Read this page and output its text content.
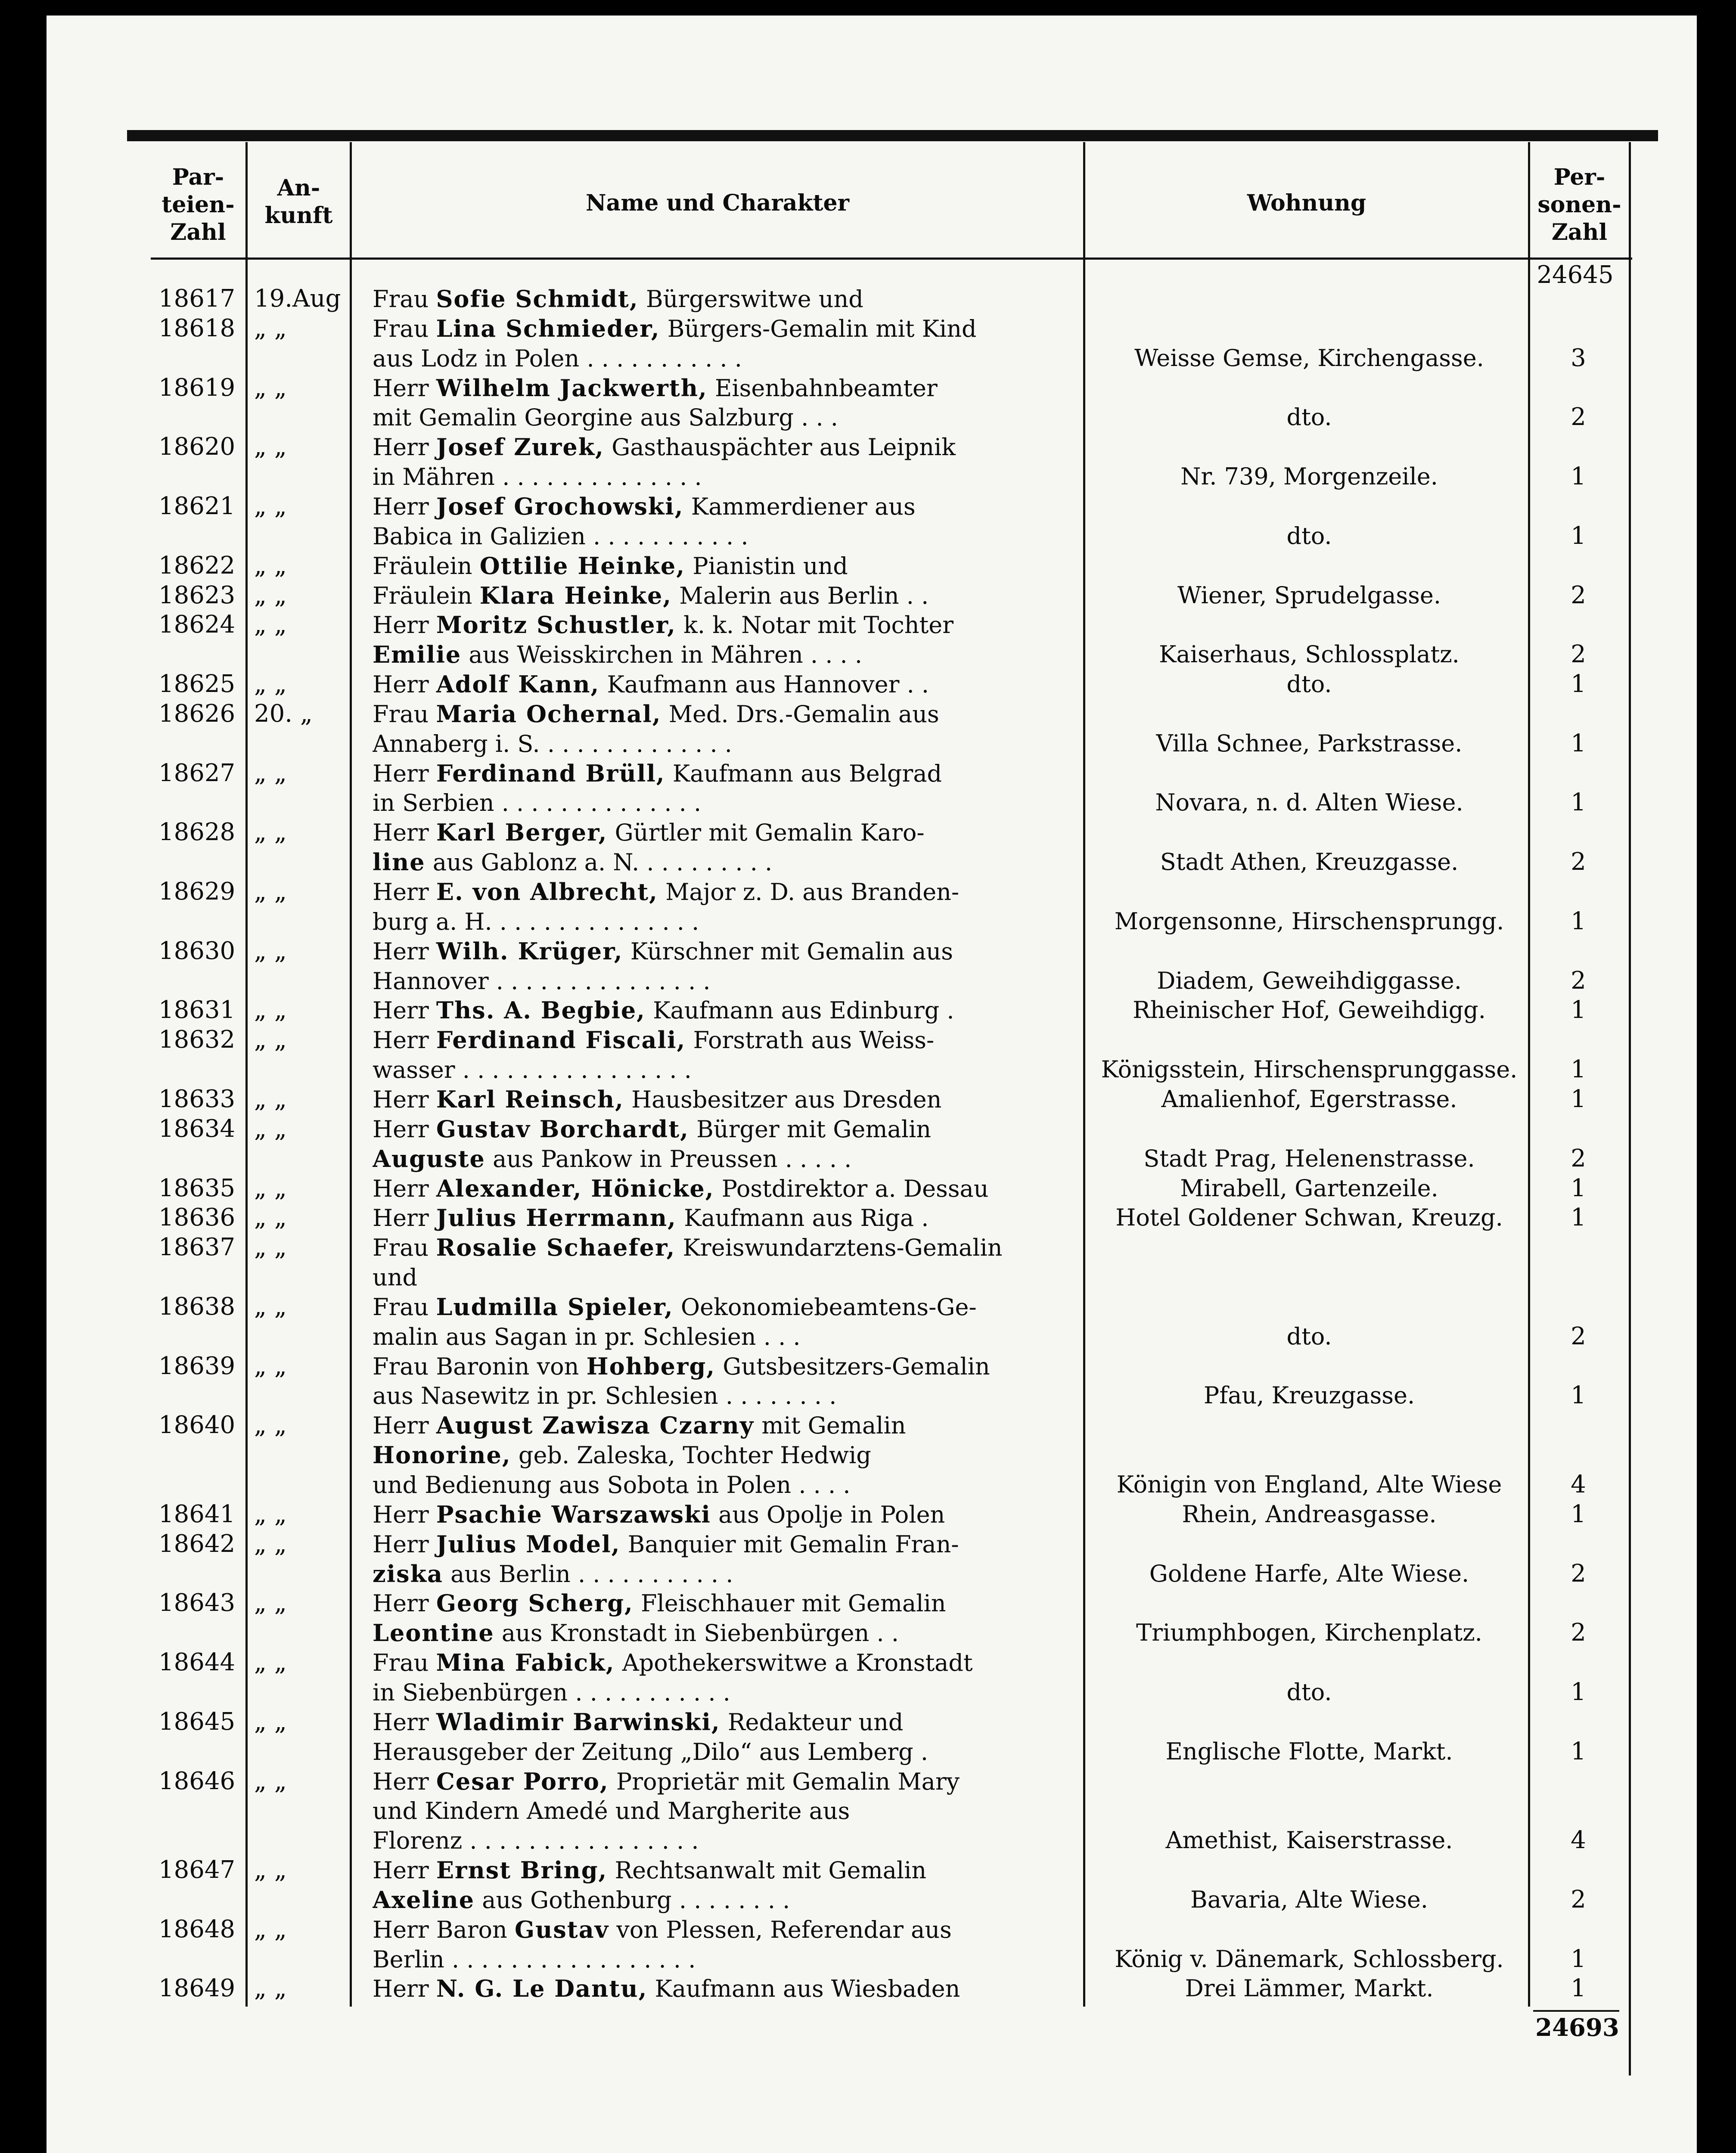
Par-
teien-
Zahl
An-
kunft	Name und Charakter	Wohnung
Per-
sonen-
Zahl
24645
18617 19.Aug Frau Sofie Schmidt, Bürgerswitwe und
18618 „ „	Frau Lina Schmieder, Bürgers-Gemalin mit Kind
aus Lodz in Polen . . . . . . . . . . .	Weisse Gemse, Kirchengasse.	3
18619 „ „	Herr Wilhelm Jackwerth, Eisenbahnbeamter
mit Gemalin Georgine aus Salzburg . . .	dto.	2
18620 „ „	Herr Josef Zurek, Gasthauspächter aus Leipnik
in Mähren . . . . . . . . . . . . . .	Nr. 739, Morgenzeile.	1
18621 „ „	Herr Josef Grochowski, Kammerdiener aus
Babica in Galizien . . . . . . . . . . .	dto.	1
18622 „ „	Fräulein Ottilie Heinke, Pianistin und
18623 „ „	Fräulein Klara Heinke, Malerin aus Berlin . .	Wiener, Sprudelgasse.	2
18624 „ „	Herr Moritz Schustler, k. k. Notar mit Tochter
Emilie aus Weisskirchen in Mähren . . . .	Kaiserhaus, Schlossplatz.	2
18625 „ „	Herr Adolf Kann, Kaufmann aus Hannover . .	dto.	1
18626 20. „	Frau Maria Ochernal, Med. Drs.-Gemalin aus
Annaberg i. S. . . . . . . . . . . . . .	Villa Schnee, Parkstrasse.	1
18627 „ „	Herr Ferdinand Brüll, Kaufmann aus Belgrad
in Serbien . . . . . . . . . . . . . .	Novara, n. d. Alten Wiese.	1
18628 „ „	Herr Karl Berger, Gürtler mit Gemalin Karo-
line aus Gablonz a. N. . . . . . . . . .	Stadt Athen, Kreuzgasse.	2
18629 „ „	Herr E. von Albrecht, Major z. D. aus Branden-
burg a. H. . . . . . . . . . . . . . .	Morgensonne, Hirschensprungg.	1
18630 „ „	Herr Wilh. Krüger, Kürschner mit Gemalin aus
Hannover . . . . . . . . . . . . . . .	Diadem, Geweihdiggasse.	2
18631 „ „	Herr Ths. A. Begbie, Kaufmann aus Edinburg .	Rheinischer Hof, Geweihdigg.	1
18632 „ „	Herr Ferdinand Fiscali, Forstrath aus Weiss-
wasser . . . . . . . . . . . . . . . .	Königsstein, Hirschensprunggasse.	1
18633 „ „	Herr Karl Reinsch, Hausbesitzer aus Dresden	Amalienhof, Egerstrasse.	1
18634 „ „	Herr Gustav Borchardt, Bürger mit Gemalin
Auguste aus Pankow in Preussen . . . . .	Stadt Prag, Helenenstrasse.	2
18635 „ „	Herr Alexander, Hönicke, Postdirektor a. Dessau	Mirabell, Gartenzeile.	1
18636 „ „	Herr Julius Herrmann, Kaufmann aus Riga .	Hotel Goldener Schwan, Kreuzg.	1
18637 „ „	Frau Rosalie Schaefer, Kreiswundarztens-Gemalin
und
18638 „ „	Frau Ludmilla Spieler, Oekonomiebeamtens-Ge-
malin aus Sagan in pr. Schlesien . . .	dto.	2
18639 „ „	Frau Baronin von Hohberg, Gutsbesitzers-Gemalin
aus Nasewitz in pr. Schlesien . . . . . . . .	Pfau, Kreuzgasse.	1
18640 „ „	Herr August Zawisza Czarny mit Gemalin
Honorine, geb. Zaleska, Tochter Hedwig
und Bedienung aus Sobota in Polen . . . .	Königin von England, Alte Wiese	4
18641 „ „	Herr Psachie Warszawski aus Opolje in Polen	Rhein, Andreasgasse.	1
18642 „ „	Herr Julius Model, Banquier mit Gemalin Fran-
ziska aus Berlin . . . . . . . . . . .	Goldene Harfe, Alte Wiese.	2
18643 „ „	Herr Georg Scherg, Fleischhauer mit Gemalin
Leontine aus Kronstadt in Siebenbürgen . .	Triumphbogen, Kirchenplatz.	2
18644 „ „	Frau Mina Fabick, Apothekerswitwe a Kronstadt
in Siebenbürgen . . . . . . . . . . .	dto.	1
18645 „ „	Herr Wladimir Barwinski, Redakteur und
Herausgeber der Zeitung „Dilo“ aus Lemberg .	Englische Flotte, Markt.	1
18646 „ „	Herr Cesar Porro, Proprietär mit Gemalin Mary
und Kindern Amedé und Margherite aus
Florenz . . . . . . . . . . . . . . . .	Amethist, Kaiserstrasse.	4
18647 „ „	Herr Ernst Bring, Rechtsanwalt mit Gemalin
Axeline aus Gothenburg . . . . . . . .	Bavaria, Alte Wiese.	2
18648 „ „	Herr Baron Gustav von Plessen, Referendar aus
Berlin . . . . . . . . . . . . . . . . .	König v. Dänemark, Schlossberg.	1
18649 „ „	Herr N. G. Le Dantu, Kaufmann aus Wiesbaden	Drei Lämmer, Markt.	1
24693
